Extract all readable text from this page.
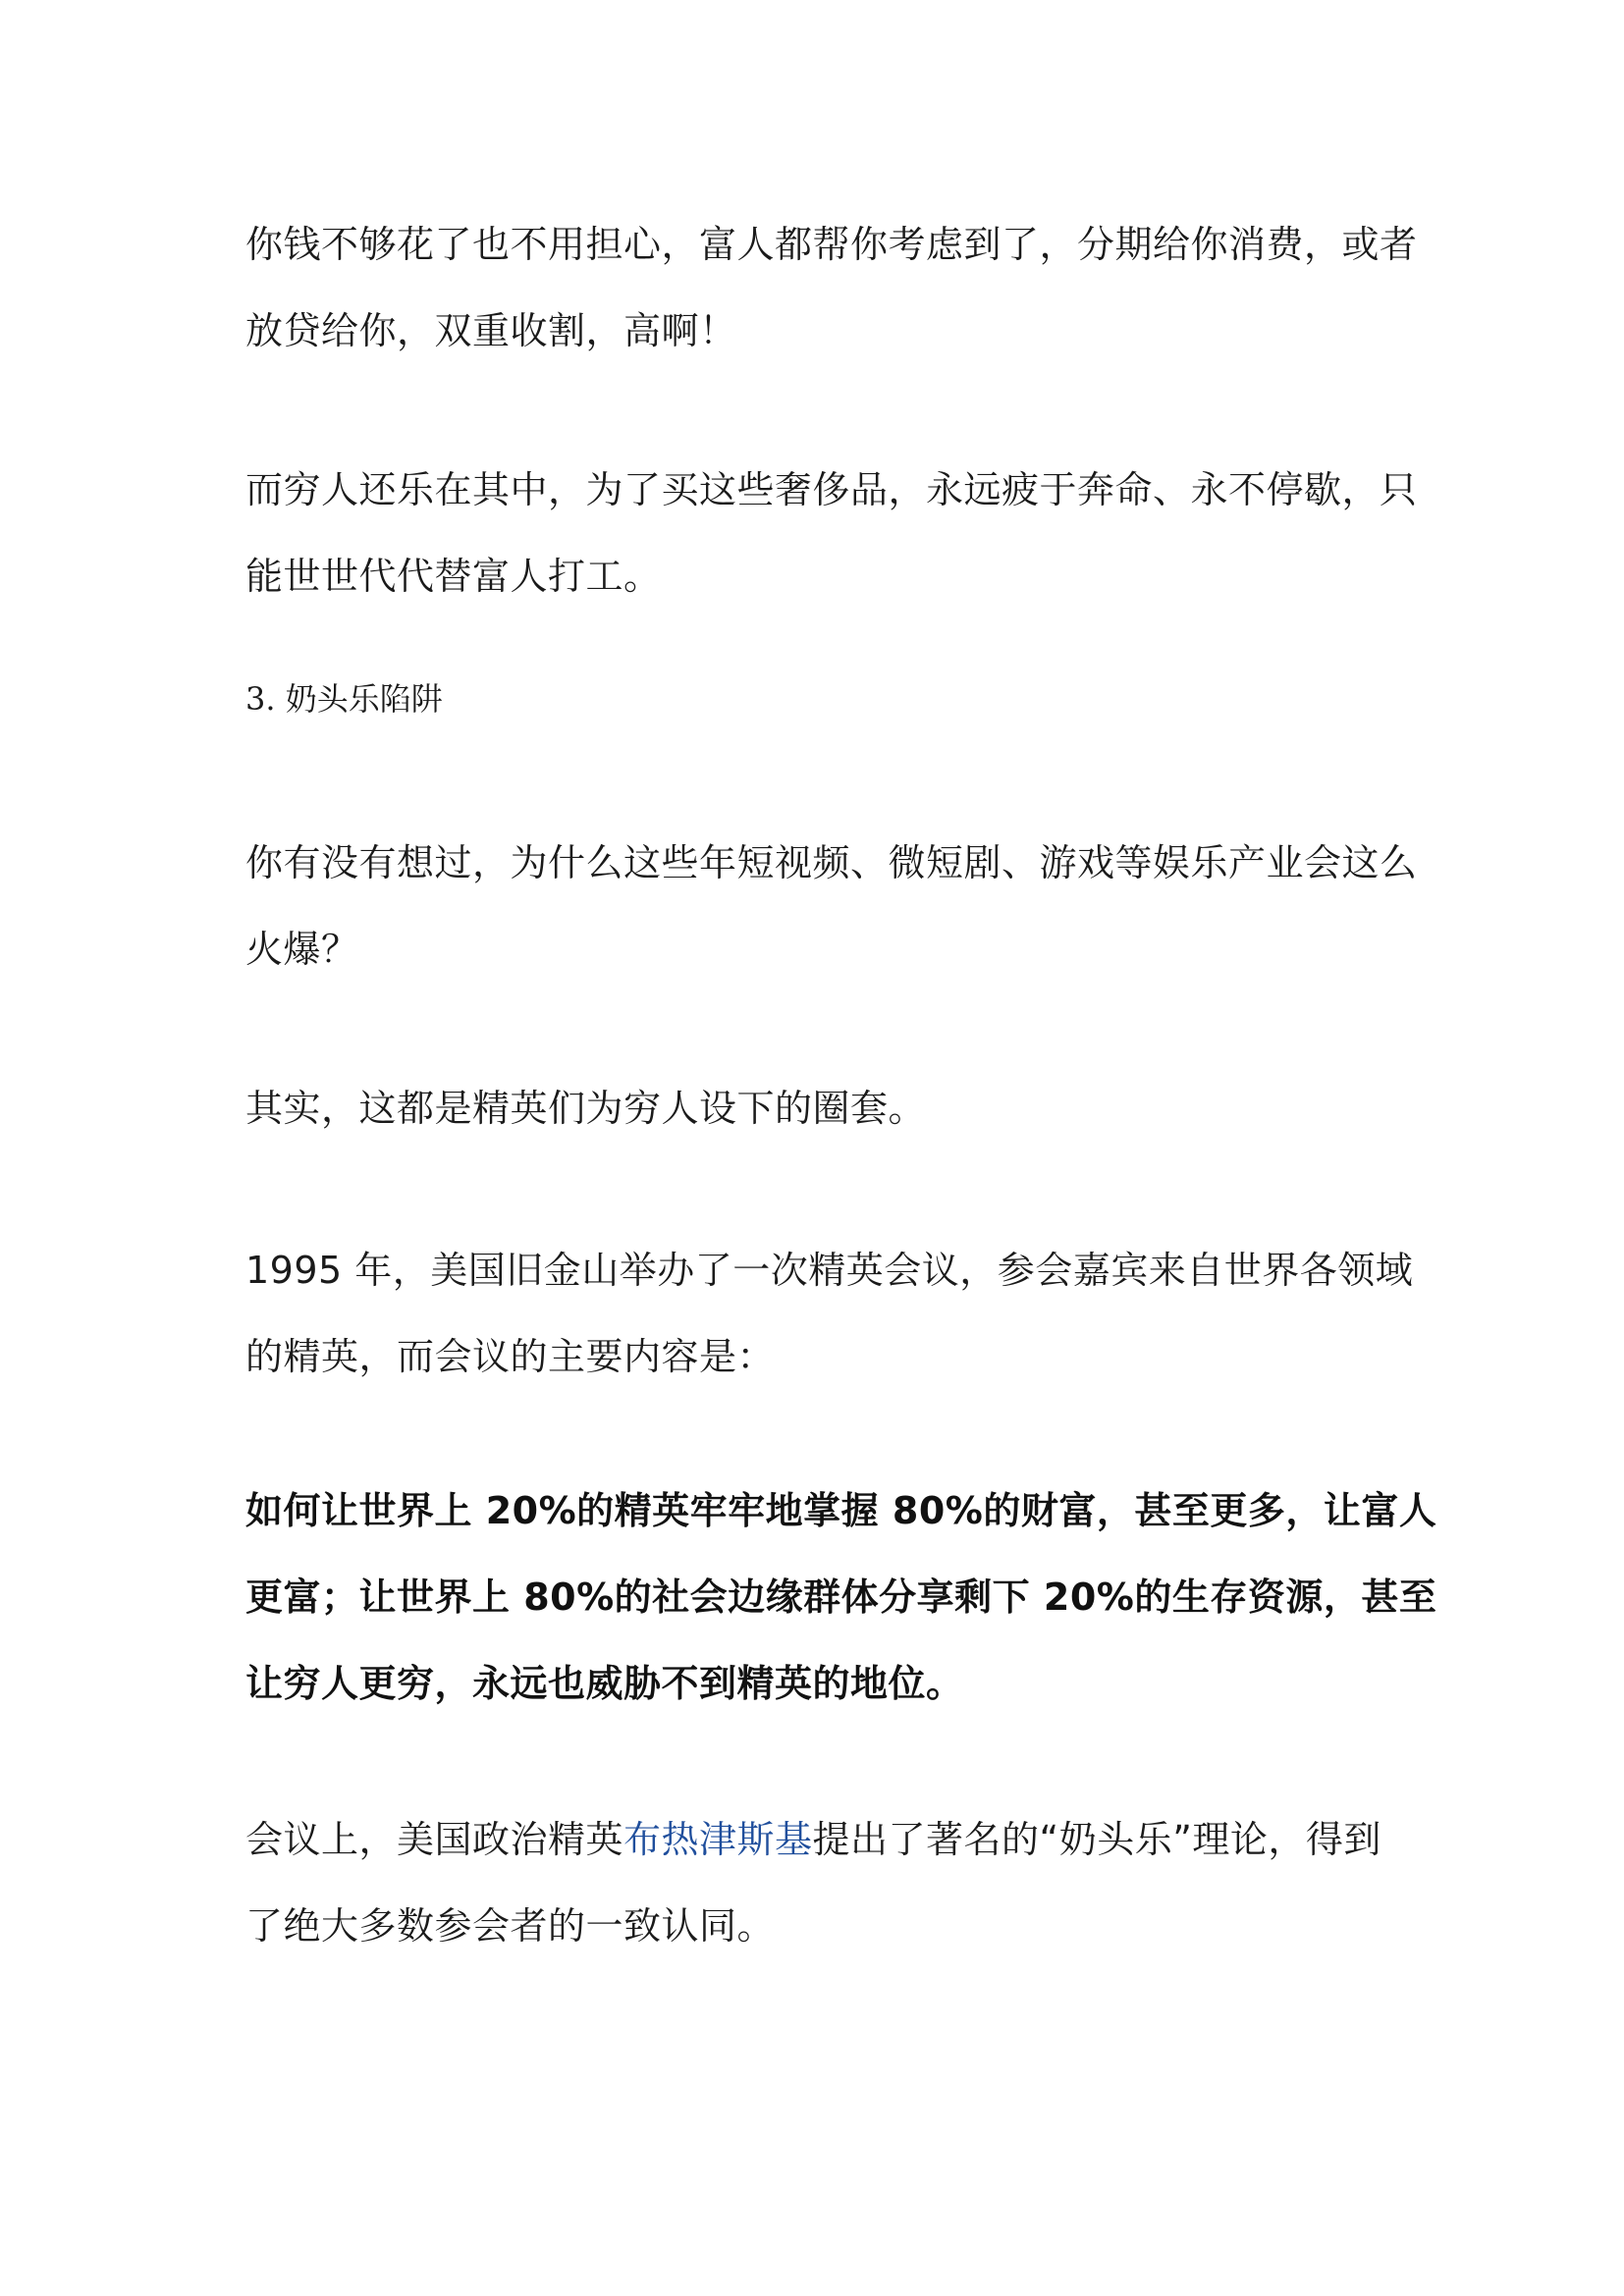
你钱不够花了也不用担心，富人都帮你考虑到了，分期给你消费，或者
放贷给你，双重收割，高啊！
而穷人还乐在其中，为了买这些奢侈品，永远疲于奔命、永不停歇，只
能世世代代替富人打工。

3. 奶头乐陷阱

你有没有想过，为什么这些年短视频、微短剧、游戏等娱乐产业会这么
火爆？
其实，这都是精英们为穷人设下的圈套。
1995 年，美国旧金山举办了一次精英会议，参会嘉宾来自世界各领域
的精英，而会议的主要内容是：
如何让世界上 20%的精英牢牢地掌握 80%的财富，甚至更多，让富人
更富；让世界上 80%的社会边缘群体分享剩下 20%的生存资源，甚至
让穷人更穷，永远也威胁不到精英的地位。
会议上，美国政治精英布热津斯基提出了著名的“奶头乐”理论，得到
了绝大多数参会者的一致认同。
